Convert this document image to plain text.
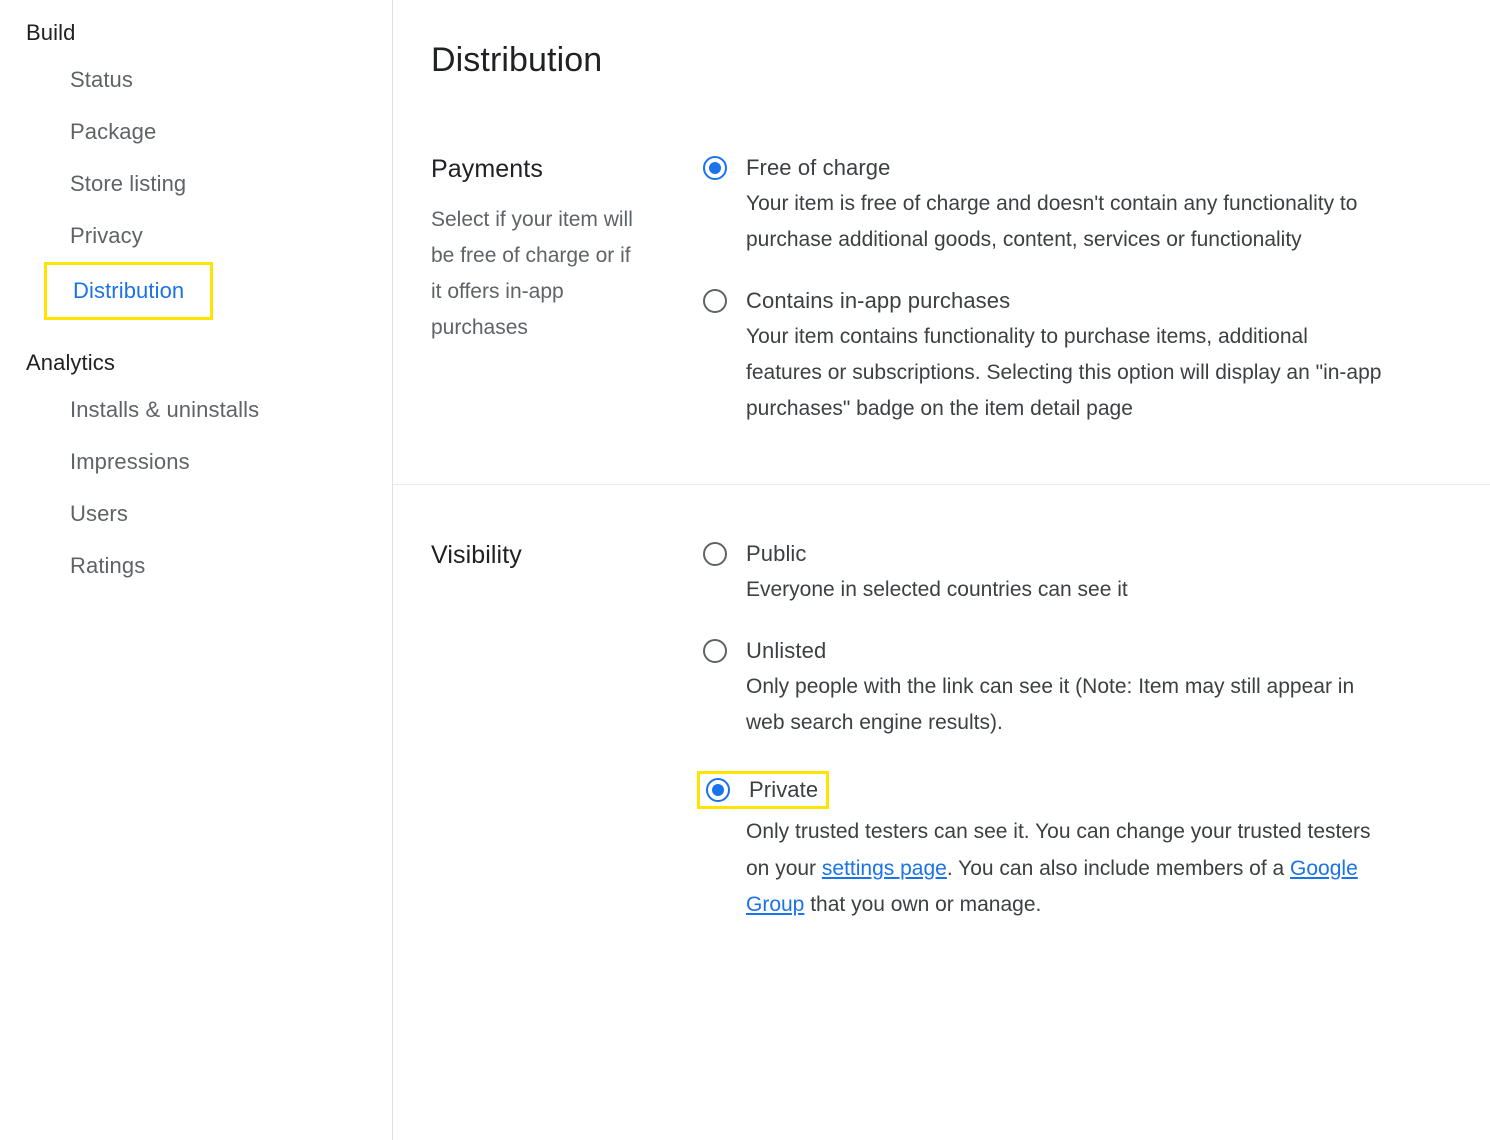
Build
Status
Package
Store listing
Privacy
Distribution
Analytics
Installs & uninstalls
Impressions
Users
Ratings
Distribution
Payments
Select if your item will be free of charge or if it offers in-app purchases
Free of charge
Your item is free of charge and doesn't contain any functionality to purchase additional goods, content, services or functionality
Contains in-app purchases
Your item contains functionality to purchase items, additional features or subscriptions. Selecting this option will display an "in-app purchases" badge on the item detail page
Visibility	Public
Everyone in selected countries can see it
Unlisted
Only people with the link can see it (Note: Item may still appear in web search engine results).
Private
Only trusted testers can see it. You can change your trusted testers on your settings page. You can also include members of a Google Group that you own or manage.
